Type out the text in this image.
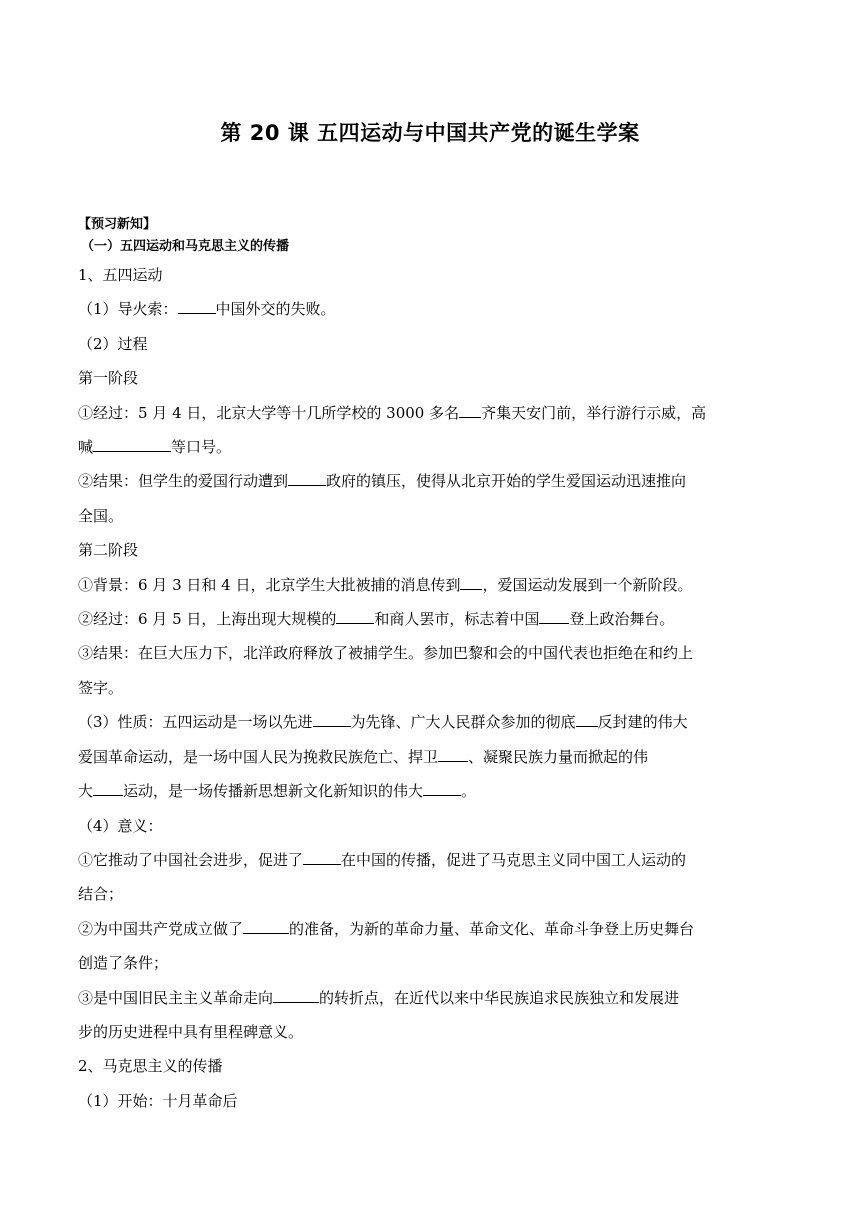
第 20 课 五四运动与中国共产党的诞生学案
【预习新知】
（一）五四运动和马克思主义的传播
1、五四运动
（1）导火索：	中国外交的失败。
（2）过程
第一阶段
①经过：5 月 4 日，北京大学等十几所学校的 3000 多名 齐集天安门前，举行游行示威，高
喊	等口号。
②结果：但学生的爱国行动遭到	政府的镇压，使得从北京开始的学生爱国运动迅速推向
全国。
第二阶段
①背景：6 月 3 日和 4 日，北京学生大批被捕的消息传到 ，爱国运动发展到一个新阶段。
②经过：6 月 5 日，上海出现大规模的	和商人罢市，标志着中国 登上政治舞台。
③结果：在巨大压力下，北洋政府释放了被捕学生。参加巴黎和会的中国代表也拒绝在和约上
签字。
（3）性质：五四运动是一场以先进	为先锋、广大人民群众参加的彻底 反封建的伟大
爱国革命运动，是一场中国人民为挽救民族危亡、捍卫 、凝聚民族力量而掀起的伟
大 运动，是一场传播新思想新文化新知识的伟大	。
（4）意义：
①它推动了中国社会进步，促进了	在中国的传播，促进了马克思主义同中国工人运动的
结合；
②为中国共产党成立做了	的准备，为新的革命力量、革命文化、革命斗争登上历史舞台
创造了条件；
③是中国旧民主主义革命走向	的转折点，在近代以来中华民族追求民族独立和发展进
步的历史进程中具有里程碑意义。
2、马克思主义的传播
（1）开始：十月革命后
